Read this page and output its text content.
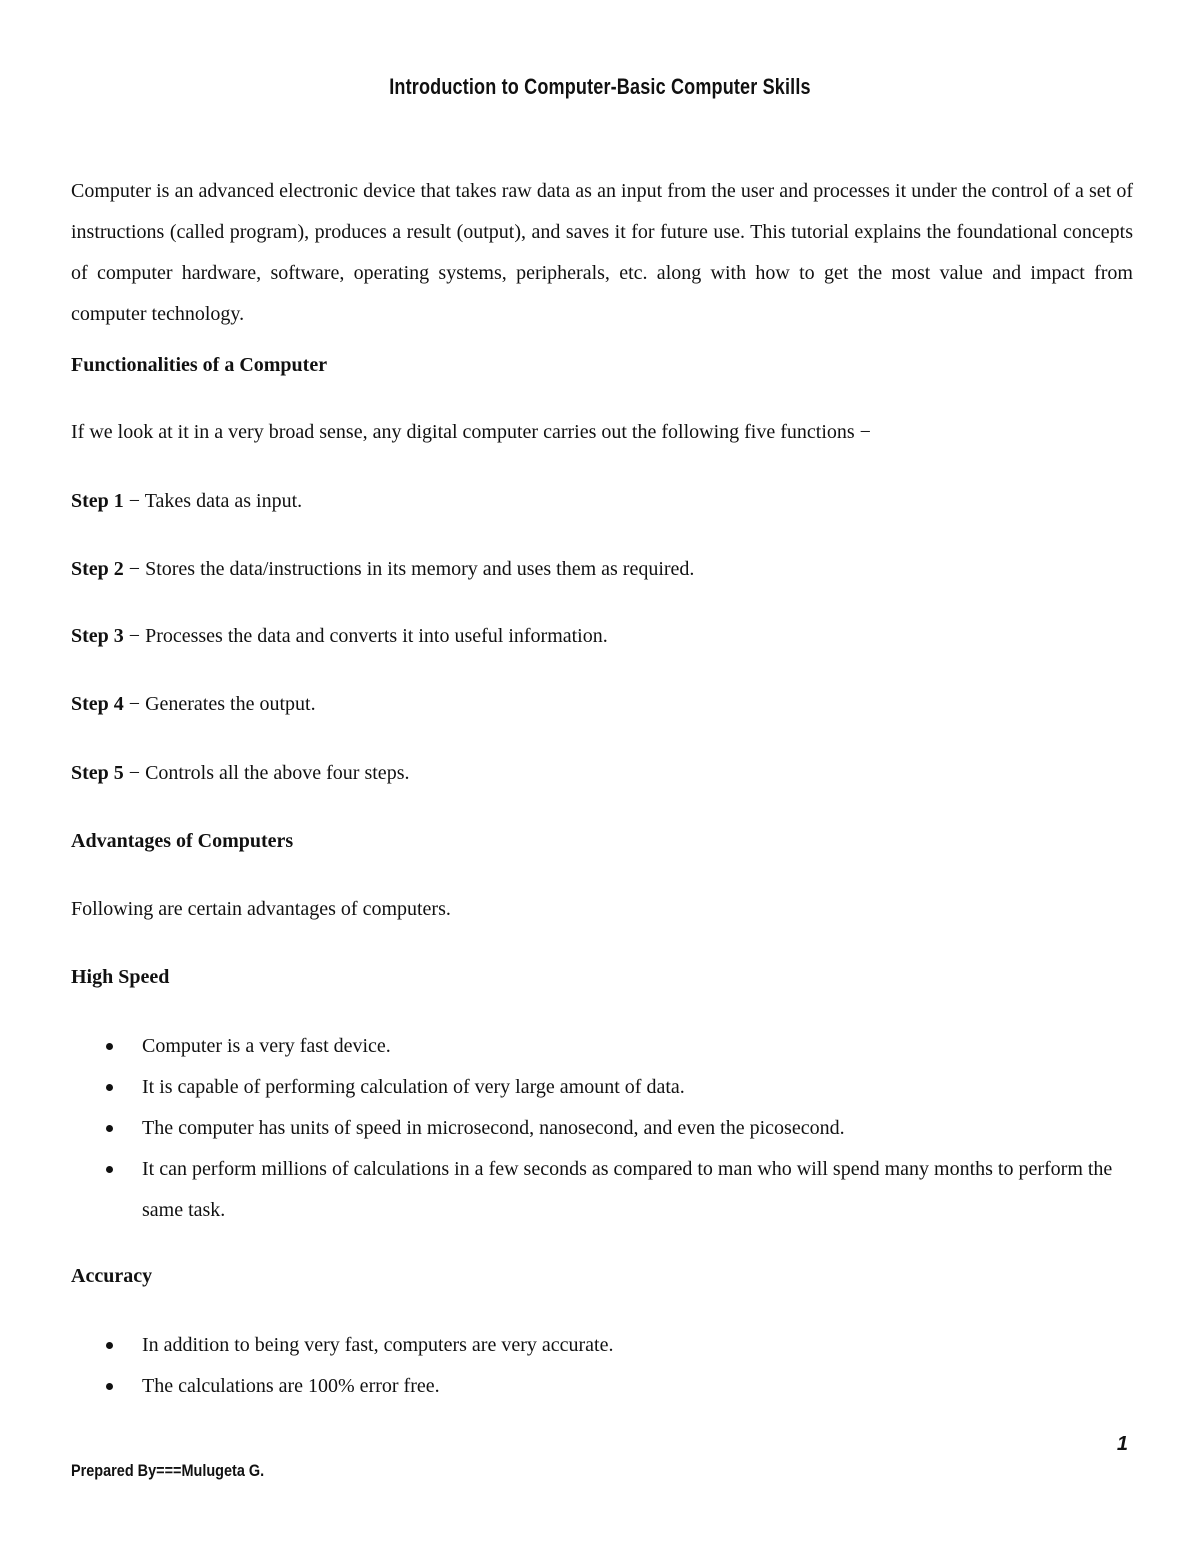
Introduction to Computer-Basic Computer Skills

Computer is an advanced electronic device that takes raw data as an input from the user and processes it under the control of a set of instructions (called program), produces a result (output), and saves it for future use. This tutorial explains the foundational concepts of computer hardware, software, operating systems, peripherals, etc. along with how to get the most value and impact from computer technology.

Functionalities of a Computer
If we look at it in a very broad sense, any digital computer carries out the following five functions −
Step 1 − Takes data as input.
Step 2 − Stores the data/instructions in its memory and uses them as required.
Step 3 − Processes the data and converts it into useful information.
Step 4 − Generates the output.
Step 5 − Controls all the above four steps.
Advantages of Computers
Following are certain advantages of computers.
High Speed
Computer is a very fast device.
It is capable of performing calculation of very large amount of data.
The computer has units of speed in microsecond, nanosecond, and even the picosecond.
It can perform millions of calculations in a few seconds as compared to man who will spend many months to perform the same task.
Accuracy
In addition to being very fast, computers are very accurate.
The calculations are 100% error free.
1
Prepared By===Mulugeta G.
